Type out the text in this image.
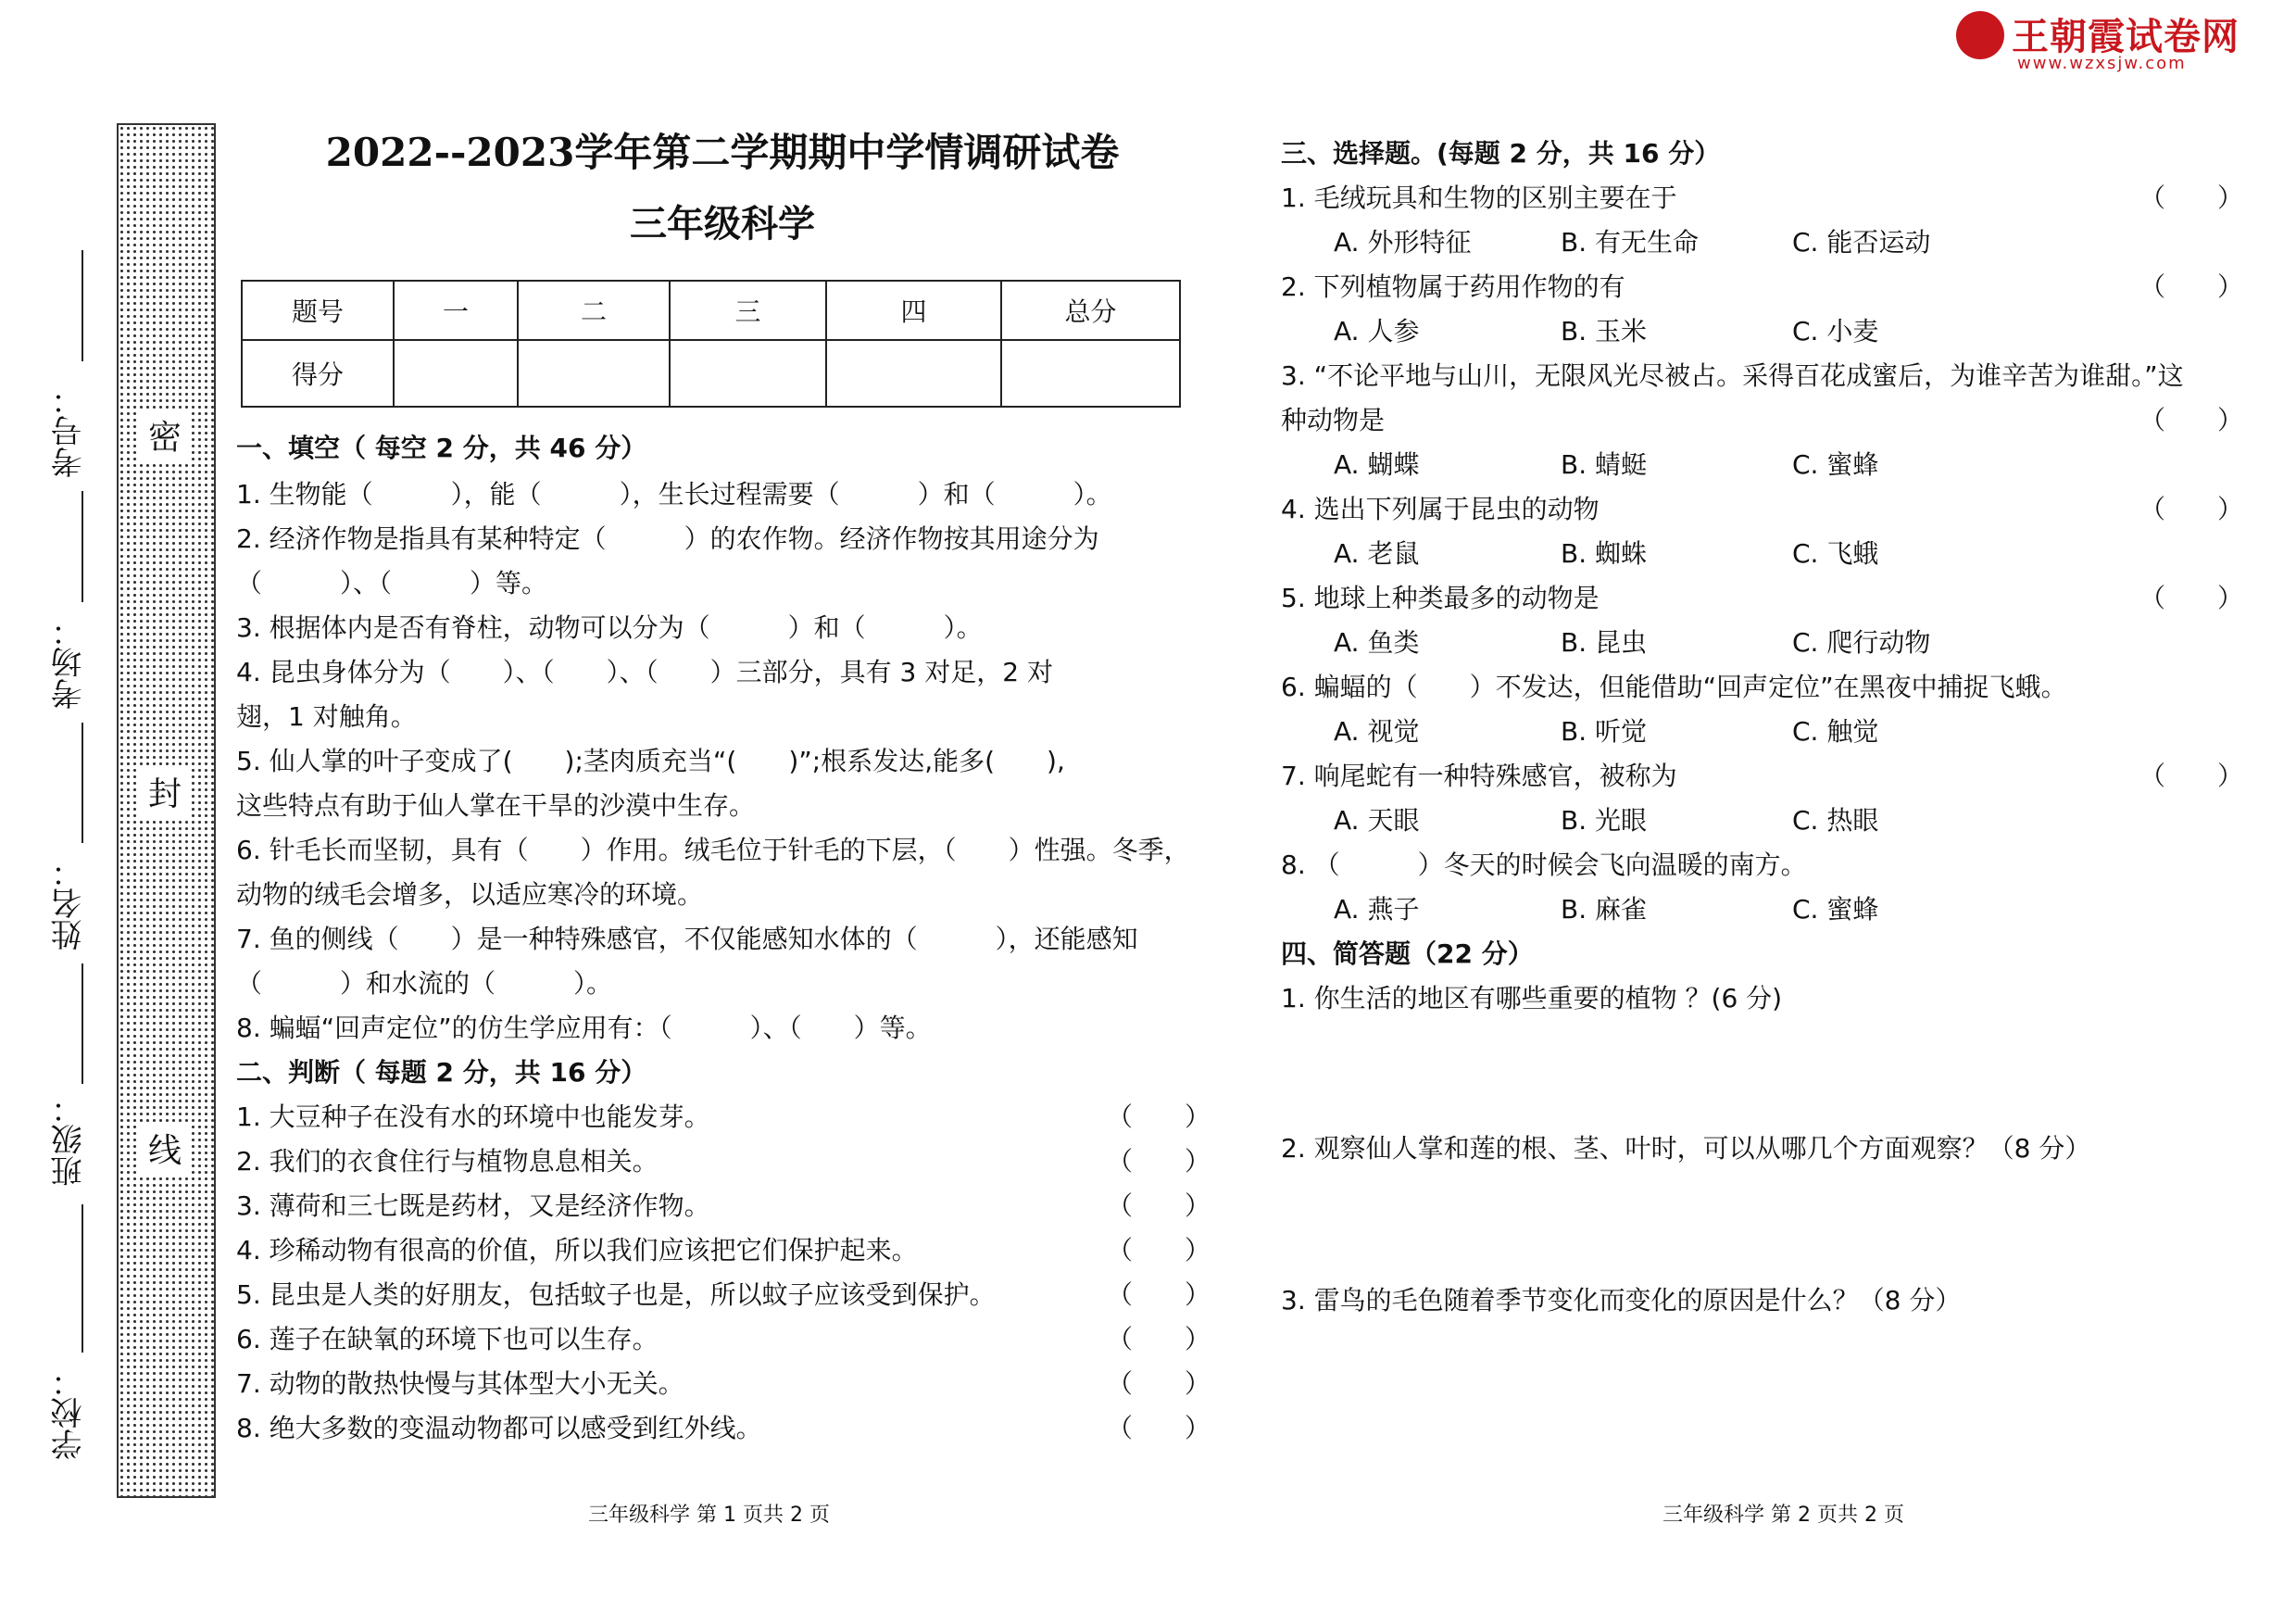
王朝霞试卷网
www.wzxsjw.com
密
封
线
考号：
考场：
姓名：
班级：
学校：
2022--2023学年第二学期期中学情调研试卷
三年级科学
题号	一	二	三	四	总分
得分					
一、填空（ 每空 2 分，共 46 分）
1. 生物能（　　　），能（　　　），生长过程需要（　　　）和（　　　）。
2. 经济作物是指具有某种特定（　　　）的农作物。经济作物按其用途分为
（　　　）、（　　　）等。
3. 根据体内是否有脊柱，动物可以分为（　　　）和（　　　）。
4. 昆虫身体分为（　　）、（　　）、（　　）三部分，具有 3 对足，2 对
翅，1 对触角。
5. 仙人掌的叶子变成了(　　);茎肉质充当“(　　)”;根系发达,能多(　　),
这些特点有助于仙人掌在干旱的沙漠中生存。
6. 针毛长而坚韧，具有（　　）作用。绒毛位于针毛的下层，（　　）性强。冬季，
动物的绒毛会增多，以适应寒冷的环境。
7. 鱼的侧线（　　）是一种特殊感官，不仅能感知水体的（　　　），还能感知
（　　　）和水流的（　　　）。
8. 蝙蝠“回声定位”的仿生学应用有：（　　　）、（　　）等。
二、判断（ 每题 2 分，共 16 分）
1. 大豆种子在没有水的环境中也能发芽。	（　　）
2. 我们的衣食住行与植物息息相关。	（　　）
3. 薄荷和三七既是药材，又是经济作物。	（　　）
4. 珍稀动物有很高的价值，所以我们应该把它们保护起来。	（　　）
5. 昆虫是人类的好朋友，包括蚊子也是，所以蚊子应该受到保护。	（　　）
6. 莲子在缺氧的环境下也可以生存。	（　　）
7. 动物的散热快慢与其体型大小无关。	（　　）
8. 绝大多数的变温动物都可以感受到红外线。	（　　）
三年级科学 第 1 页共 2 页
三、选择题。(每题 2 分，共 16 分）
1. 毛绒玩具和生物的区别主要在于	（　　）
A. 外形特征	B. 有无生命	C. 能否运动
2. 下列植物属于药用作物的有	（　　）
A. 人参	B. 玉米	C. 小麦
3. “不论平地与山川，无限风光尽被占。采得百花成蜜后，为谁辛苦为谁甜。”这
种动物是	（　　）
A. 蝴蝶	B. 蜻蜓	C. 蜜蜂
4. 选出下列属于昆虫的动物	（　　）
A. 老鼠	B. 蜘蛛	C. 飞蛾
5. 地球上种类最多的动物是	（　　）
A. 鱼类	B. 昆虫	C. 爬行动物
6. 蝙蝠的（　　）不发达，但能借助“回声定位”在黑夜中捕捉飞蛾。
A. 视觉	B. 听觉	C. 触觉
7. 响尾蛇有一种特殊感官，被称为	（　　）
A. 天眼	B. 光眼	C. 热眼
8. （　　　）冬天的时候会飞向温暖的南方。
A. 燕子	B. 麻雀	C. 蜜蜂
四、简答题（22 分）
1. 你生活的地区有哪些重要的植物 ？(6 分)
2. 观察仙人掌和莲的根、茎、叶时，可以从哪几个方面观察？（8 分）
3. 雷鸟的毛色随着季节变化而变化的原因是什么？（8 分）
三年级科学 第 2 页共 2 页
